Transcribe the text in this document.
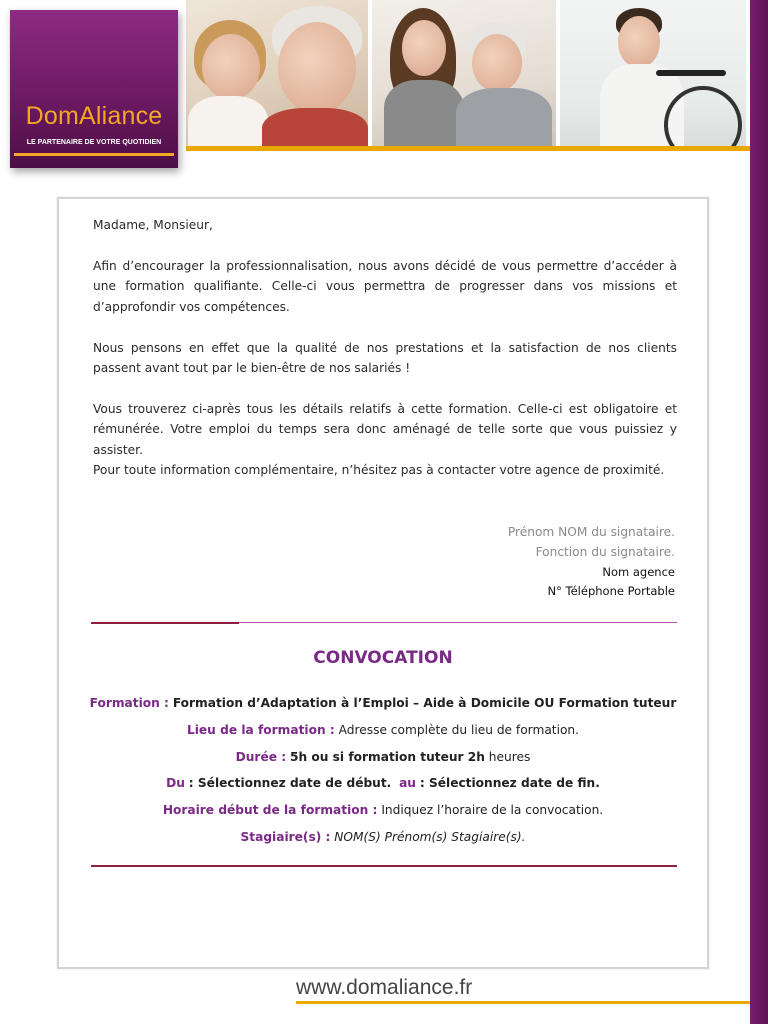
DomAliance
LE PARTENAIRE DE VOTRE QUOTIDIEN

Madame, Monsieur,

Afin d’encourager la professionnalisation, nous avons décidé de vous permettre d’accéder à une formation qualifiante. Celle-ci vous permettra de progresser dans vos missions et d’approfondir vos compétences.

Nous pensons en effet que la qualité de nos prestations et la satisfaction de nos clients passent avant tout par le bien-être de nos salariés !

Vous trouverez ci-après tous les détails relatifs à cette formation. Celle-ci est obligatoire et rémunérée. Votre emploi du temps sera donc aménagé de telle sorte que vous puissiez y assister.

Pour toute information complémentaire, n’hésitez pas à contacter votre agence de proximité.

Prénom NOM du signataire.
Fonction du signataire.
Nom agence
N° Téléphone Portable
CONVOCATION
Formation : Formation d’Adaptation à l’Emploi – Aide à Domicile OU Formation tuteur
Lieu de la formation : Adresse complète du lieu de formation.
Durée : 5h ou si formation tuteur 2h heures
Du : Sélectionnez date de début. au : Sélectionnez date de fin.
Horaire début de la formation : Indiquez l’horaire de la convocation.
Stagiaire(s) : NOM(S) Prénom(s) Stagiaire(s).
www.domaliance.fr
